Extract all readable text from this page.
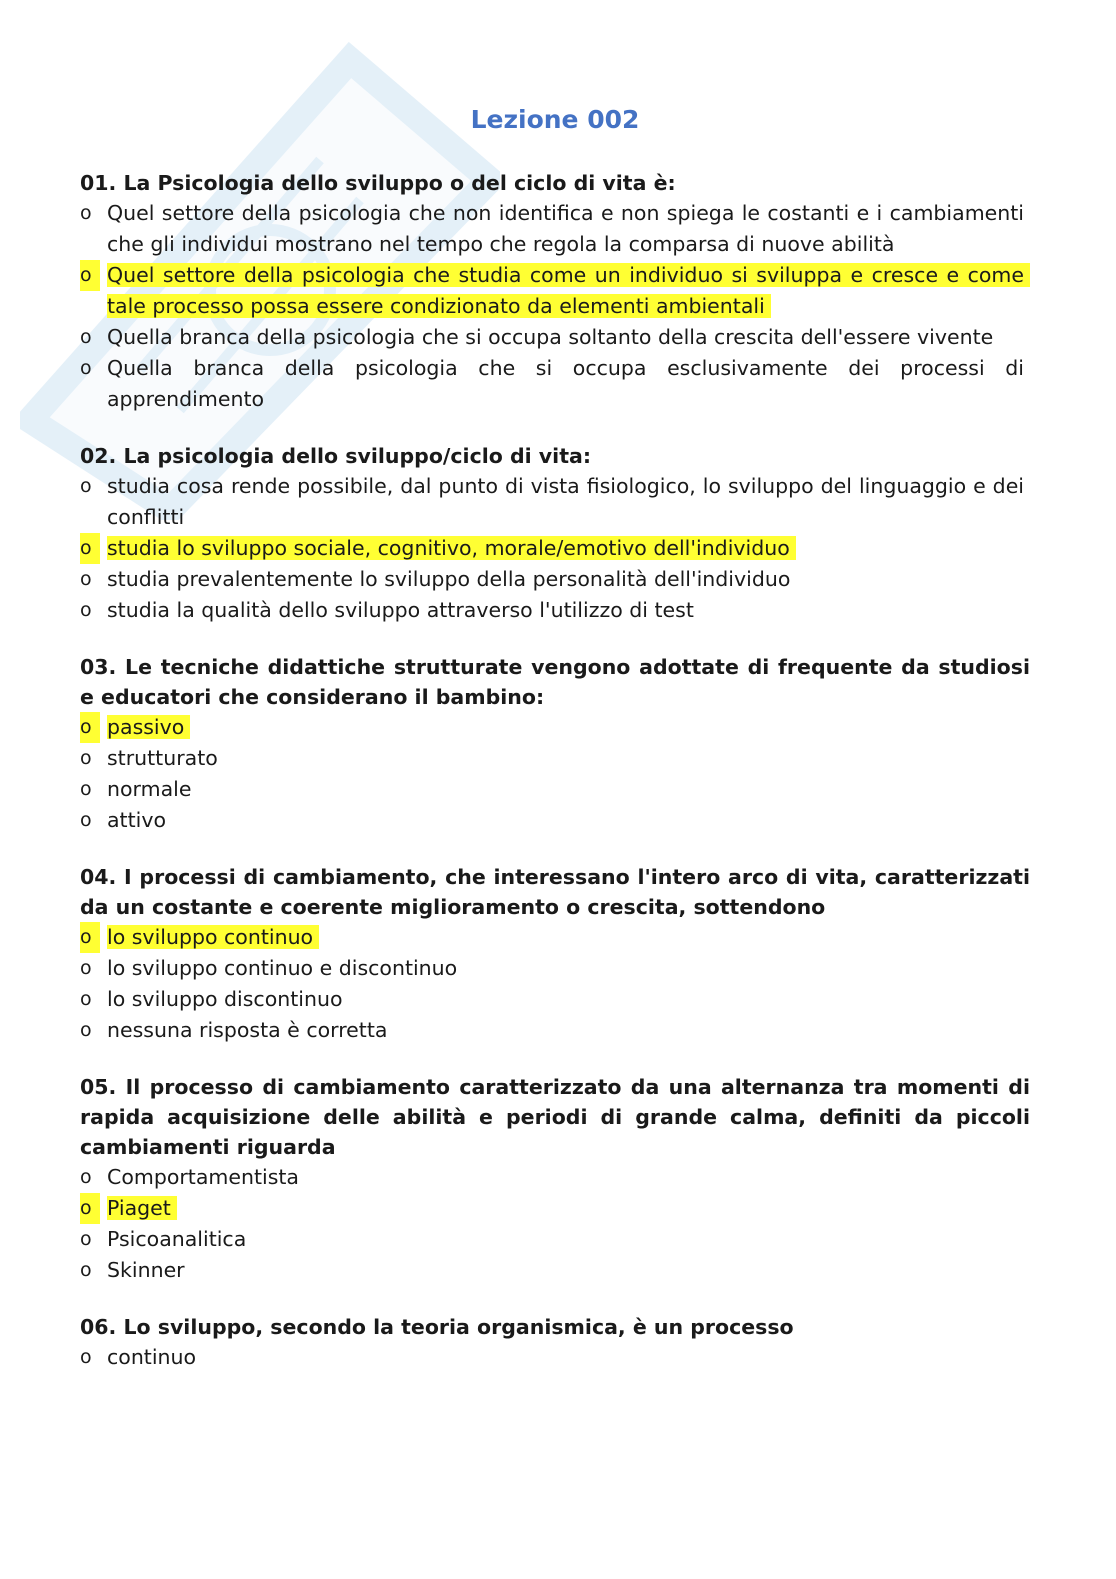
Lezione 002

01. La Psicologia dello sviluppo o del ciclo di vita è:

o Quel settore della psicologia che non identifica e non spiega le costanti e i cambiamenti che gli individui mostrano nel tempo che regola la comparsa di nuove abilità
o Quel settore della psicologia che studia come un individuo si sviluppa e cresce e come tale processo possa essere condizionato da elementi ambientali
o Quella branca della psicologia che si occupa soltanto della crescita dell'essere vivente
o Quella branca della psicologia che si occupa esclusivamente dei processi di apprendimento

02. La psicologia dello sviluppo/ciclo di vita:

o studia cosa rende possibile, dal punto di vista fisiologico, lo sviluppo del linguaggio e dei conflitti
o studia lo sviluppo sociale, cognitivo, morale/emotivo dell'individuo
o studia prevalentemente lo sviluppo della personalità dell'individuo
o studia la qualità dello sviluppo attraverso l'utilizzo di test

03. Le tecniche didattiche strutturate vengono adottate di frequente da studiosi e educatori che considerano il bambino:

o passivo
o strutturato
o normale
o attivo

04. I processi di cambiamento, che interessano l'intero arco di vita, caratterizzati da un costante e coerente miglioramento o crescita, sottendono

o lo sviluppo continuo
o lo sviluppo continuo e discontinuo
o lo sviluppo discontinuo
o nessuna risposta è corretta

05. Il processo di cambiamento caratterizzato da una alternanza tra momenti di rapida acquisizione delle abilità e periodi di grande calma, definiti da piccoli cambiamenti riguarda

o Comportamentista
o Piaget
o Psicoanalitica
o Skinner

06. Lo sviluppo, secondo la teoria organismica, è un processo

o continuo
